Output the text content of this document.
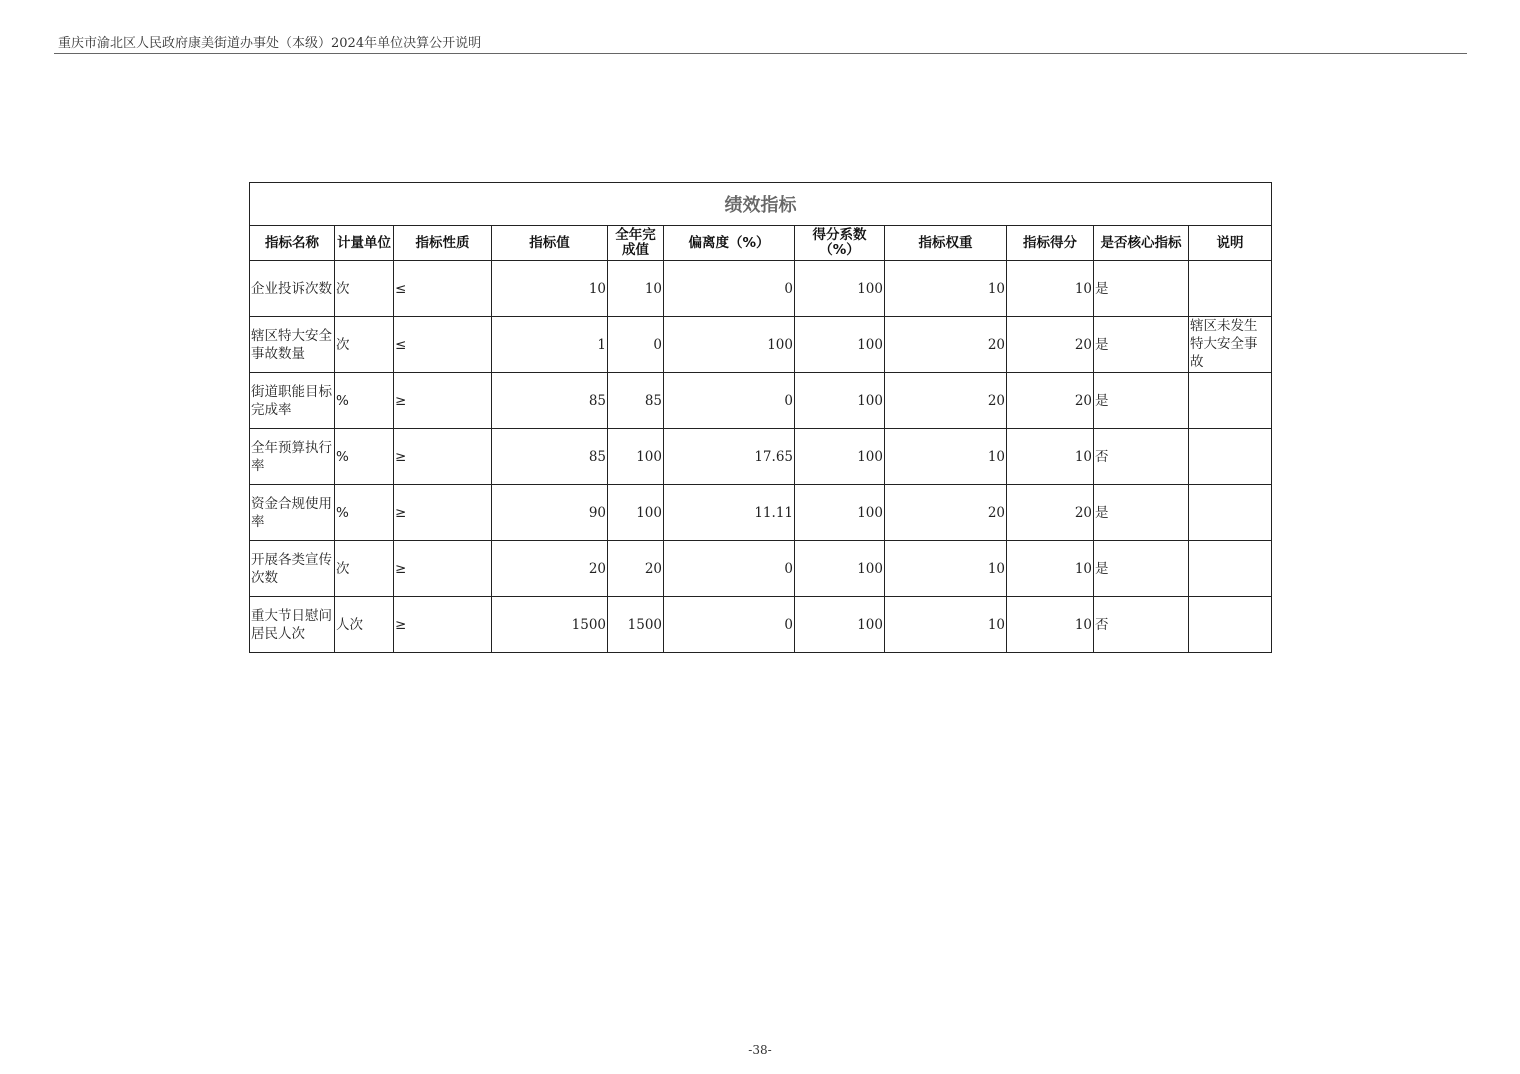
重庆市渝北区人民政府康美街道办事处（本级）2024年单位决算公开说明
绩效指标										
指标名称	计量单位	指标性质	指标值	全年完成值	偏离度（%）	得分系数（%）	指标权重	指标得分	是否核心指标	说明
企业投诉次数	次	≤	10	10	0	100	10	10	是	
辖区特大安全事故数量	次	≤	1	0	100	100	20	20	是	辖区未发生特大安全事故
街道职能目标完成率	%	≥	85	85	0	100	20	20	是	
全年预算执行率	%	≥	85	100	17.65	100	10	10	否	
资金合规使用率	%	≥	90	100	11.11	100	20	20	是	
开展各类宣传次数	次	≥	20	20	0	100	10	10	是	
重大节日慰问居民人次	人次	≥	1500	1500	0	100	10	10	否	
-38-
